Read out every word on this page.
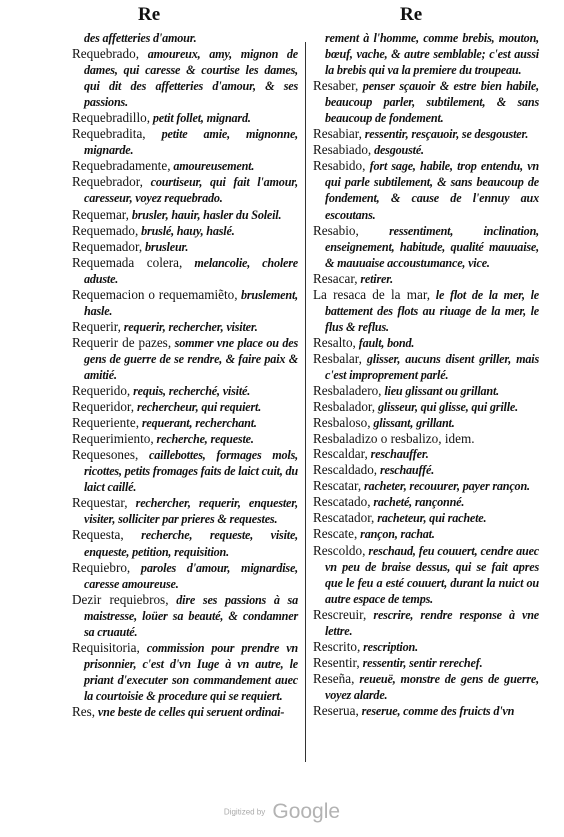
Re	Re

des affetteries d'amour.

Requebrado, amoureux, amy, mignon de dames, qui caresse & courtise les dames, qui dit des affetteries d'amour, & ses passions.

Requebradillo, petit follet, mignard.

Requebradita, petite amie, mignonne, mignarde.

Requebradamente, amoureusement.

Requebrador, courtiseur, qui fait l'amour, caresseur, voyez requebrado.

Requemar, brusler, hauir, hasler du Soleil.

Requemado, bruslé, hauy, haslé.

Requemador, brusleur.

Requemada colera, melancolie, cholere aduste.

Requemacion o requemamiẽto, bruslement, hasle.

Requerir, requerir, rechercher, visiter.

Requerir de pazes, sommer vne place ou des gens de guerre de se rendre, & faire paix & amitié.

Requerido, requis, recherché, visité.

Requeridor, rechercheur, qui requiert.

Requeriente, requerant, recherchant.

Requerimiento, recherche, requeste.

Requesones, caillebottes, formages mols, ricottes, petits fromages faits de laict cuit, du laict caillé.

Requestar, rechercher, requerir, enquester, visiter, solliciter par prieres & requestes.

Requesta, recherche, requeste, visite, enqueste, petition, requisition.

Requiebro, paroles d'amour, mignardise, caresse amoureuse.

Dezir requiebros, dire ses passions à sa maistresse, loüer sa beauté, & condamner sa cruauté.

Requisitoria, commission pour prendre vn prisonnier, c'est d'vn Iuge à vn autre, le priant d'executer son commandement auec la courtoisie & procedure qui se requiert.

Res, vne beste de celles qui seruent ordinai-

rement à l'homme, comme brebis, mouton, bœuf, vache, & autre semblable; c'est aussi la brebis qui va la premiere du troupeau.

Resaber, penser sçauoir & estre bien habile, beaucoup parler, subtilement, & sans beaucoup de fondement.

Resabiar, ressentir, resçauoir, se desgouster.

Resabiado, desgousté.

Resabido, fort sage, habile, trop entendu, vn qui parle subtilement, & sans beaucoup de fondement, & cause de l'ennuy aux escoutans.

Resabio, ressentiment, inclination, enseignement, habitude, qualité mauuaise, & mauuaise accoustumance, vice.

Resacar, retirer.

La resaca de la mar, le flot de la mer, le battement des flots au riuage de la mer, le flus & reflus.

Resalto, fault, bond.

Resbalar, glisser, aucuns disent griller, mais c'est improprement parlé.

Resbaladero, lieu glissant ou grillant.

Resbalador, glisseur, qui glisse, qui grille.

Resbaloso, glissant, grillant.

Resbaladizo o resbalizo, idem.

Rescaldar, reschauffer.

Rescaldado, reschauffé.

Rescatar, racheter, recouurer, payer rançon.

Rescatado, racheté, rançonné.

Rescatador, racheteur, qui rachete.

Rescate, rançon, rachat.

Rescoldo, reschaud, feu couuert, cendre auec vn peu de braise dessus, qui se fait apres que le feu a esté couuert, durant la nuict ou autre espace de temps.

Rescreuir, rescrire, rendre response à vne lettre.

Rescrito, rescription.

Resentir, ressentir, sentir rerechef.

Reseña, reueuë, monstre de gens de guerre, voyez alarde.

Reserua, reserue, comme des fruicts d'vn

Digitized by Google
